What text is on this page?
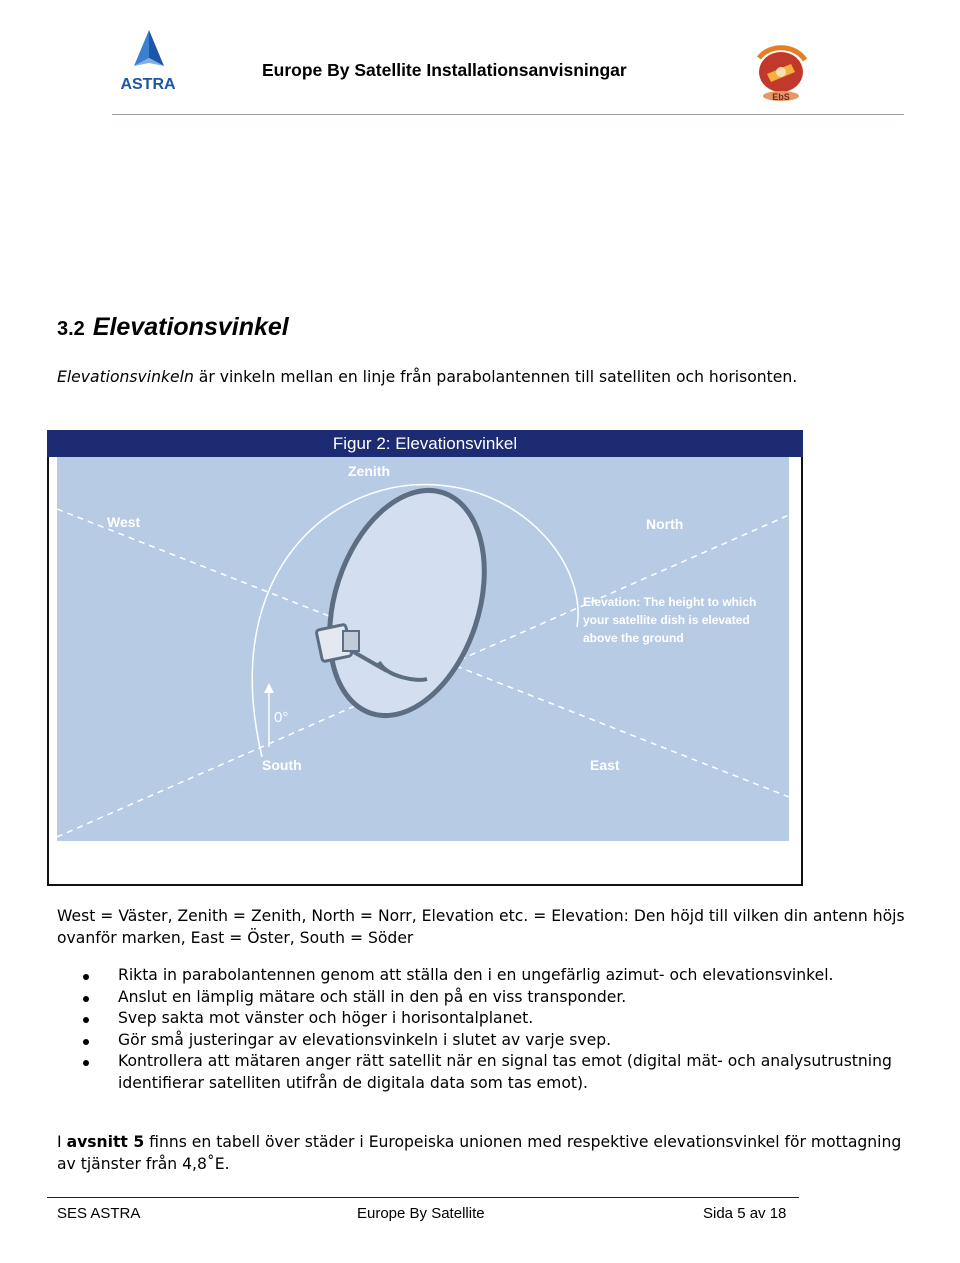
ASTRA
Europe By Satellite Installationsanvisningar
EbS
3.2 Elevationsvinkel
Elevationsvinkeln är vinkeln mellan en linje från parabolantennen till satelliten och horisonten.
Figur 2: Elevationsvinkel
Zenith
West	North
Elevation: The height to which
your satellite dish is elevated
above the ground
0°
South	East
West = Väster, Zenith = Zenith, North = Norr, Elevation etc. = Elevation: Den höjd till vilken din antenn höjs ovanför marken, East = Öster, South = Söder
Rikta in parabolantennen genom att ställa den i en ungefärlig azimut- och elevationsvinkel.
Anslut en lämplig mätare och ställ in den på en viss transponder.
Svep sakta mot vänster och höger i horisontalplanet.
Gör små justeringar av elevationsvinkeln i slutet av varje svep.
Kontrollera att mätaren anger rätt satellit när en signal tas emot (digital mät- och analysutrustning identifierar satelliten utifrån de digitala data som tas emot).
I avsnitt 5 finns en tabell över städer i Europeiska unionen med respektive elevationsvinkel för mottagning av tjänster från 4,8˚E.
SES ASTRA	Europe By Satellite	Sida 5 av 18
